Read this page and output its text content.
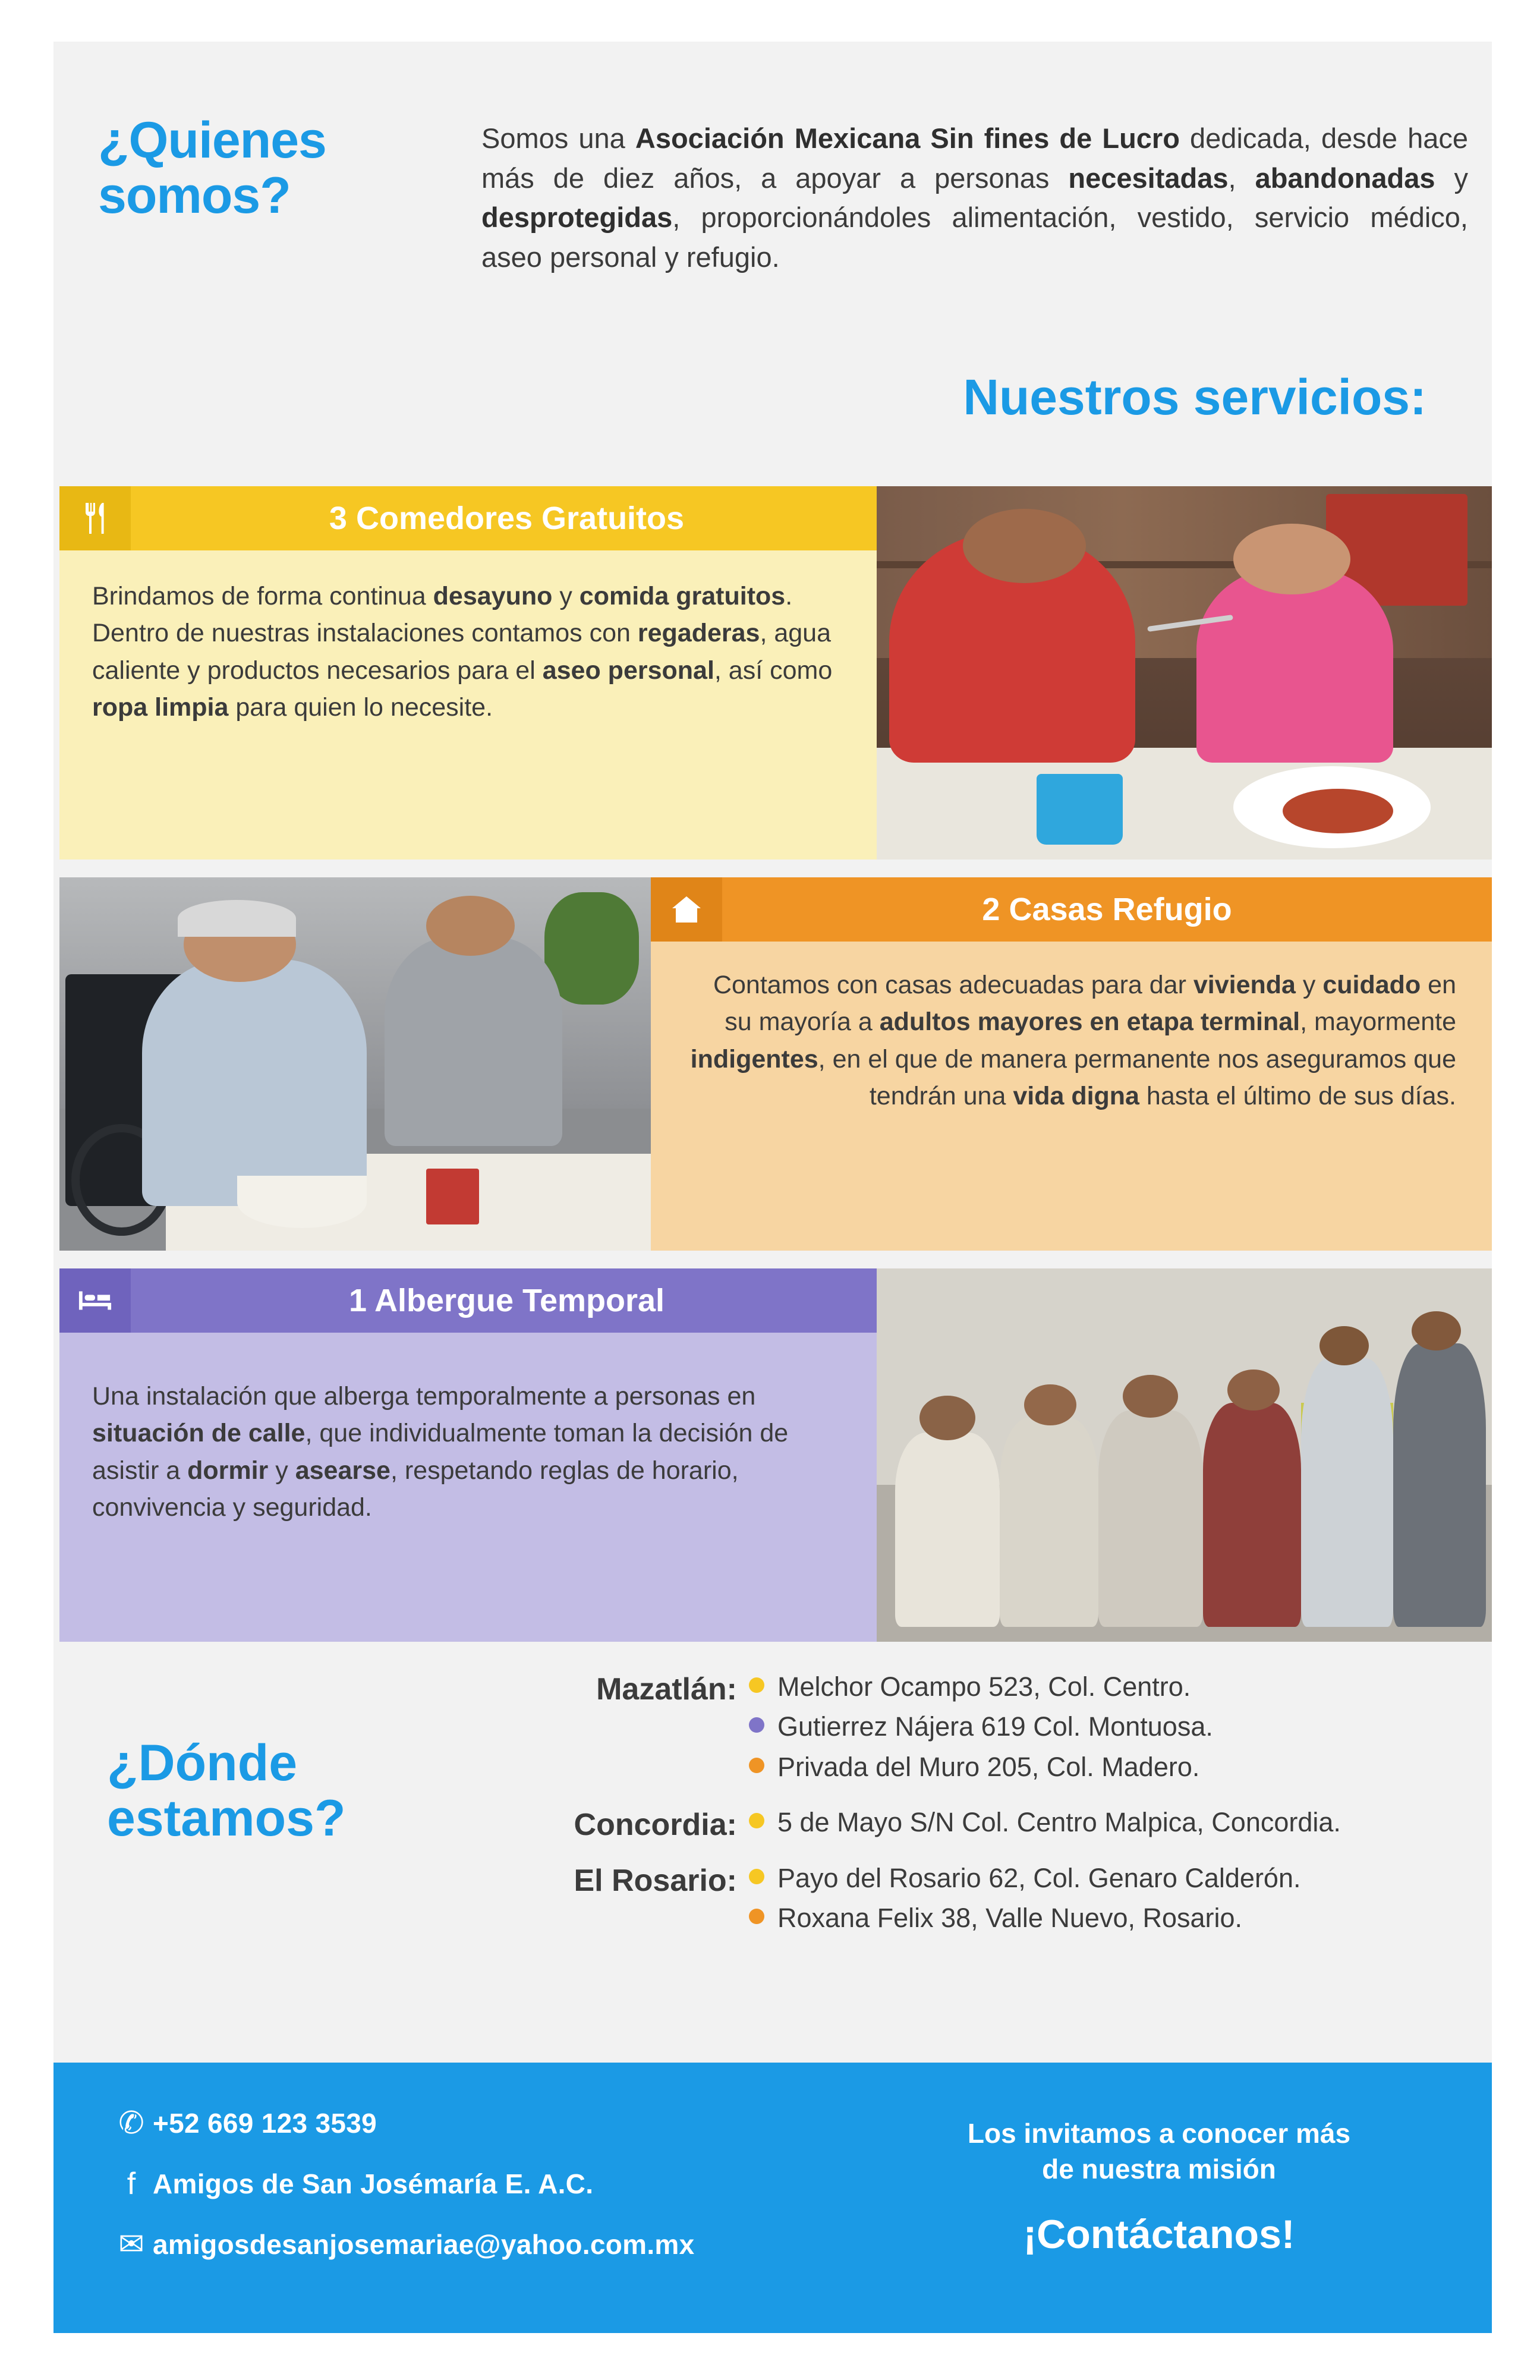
¿Quienes
somos?

Somos una Asociación Mexicana Sin fines de Lucro dedicada, desde hace más de diez años, a apoyar a personas necesitadas, abandonadas y desprotegidas, proporcionándoles alimentación, vestido, servicio médico, aseo personal y refugio.

Nuestros servicios:
3 Comedores Gratuitos
Brindamos de forma continua desayuno y comida gratuitos. Dentro de nuestras instalaciones contamos con regaderas, agua caliente y productos necesarios para el aseo personal, así como ropa limpia para quien lo necesite.
2 Casas Refugio
Contamos con casas adecuadas para dar vivienda y cuidado en su mayoría a adultos mayores en etapa terminal, mayormente indigentes, en el que de manera permanente nos aseguramos que tendrán una vida digna hasta el último de sus días.
1 Albergue Temporal
Una instalación que alberga temporalmente a personas en situación de calle, que individualmente toman la decisión de asistir a dormir y asearse, respetando reglas de horario, convivencia y seguridad.
¿Dónde
estamos?
Mazatlán:	Melchor Ocampo 523, Col. Centro.
Gutierrez Nájera 619 Col. Montuosa.
Privada del Muro 205, Col. Madero.
Concordia:	5 de Mayo S/N Col. Centro Malpica, Concordia.
El Rosario:	Payo del Rosario 62, Col. Genaro Calderón.
Roxana Felix 38, Valle Nuevo, Rosario.
✆ +52 669 123 3539
f Amigos de San Josémaría E. A.C.
✉ amigosdesanjosemariae@yahoo.com.mx
Los invitamos a conocer más
de nuestra misión
¡Contáctanos!
